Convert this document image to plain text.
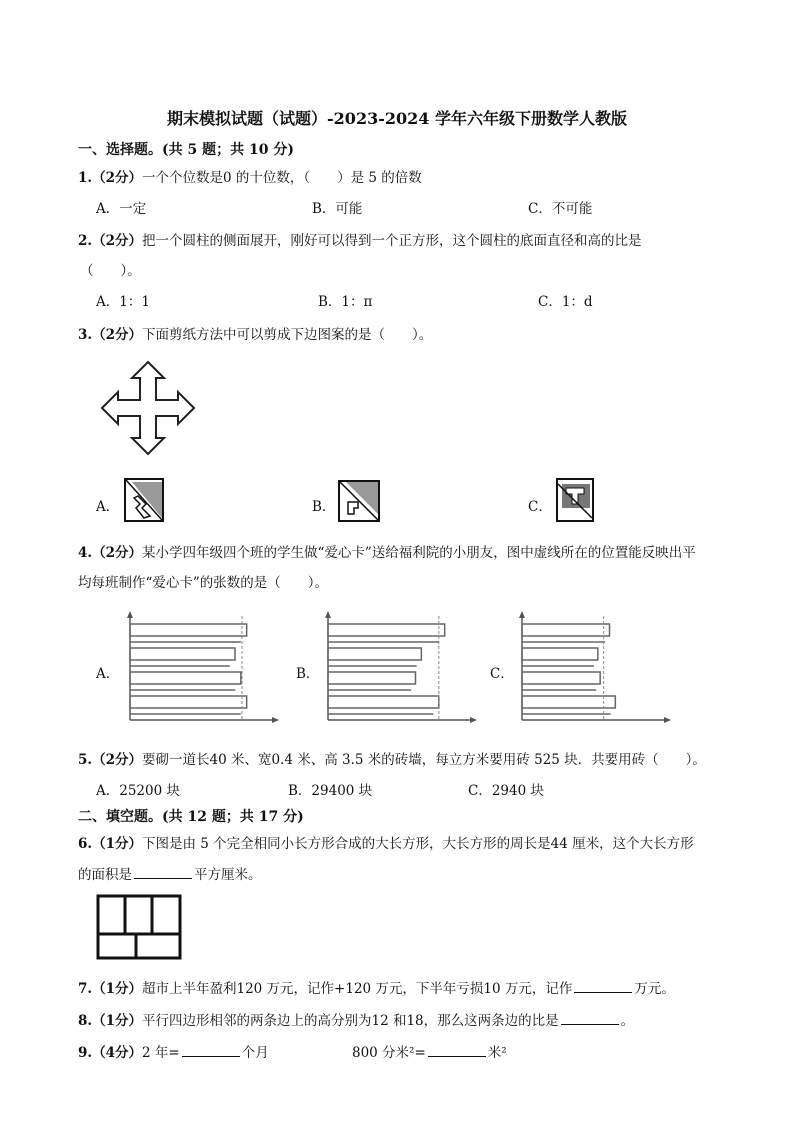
期末模拟试题（试题）-2023-2024 学年六年级下册数学人教版
一、选择题。(共 5 题；共 10 分)
1.（2分）一个个位数是0 的十位数，（　　）是 5 的倍数
A．一定	B．可能	C．不可能
2.（2分）把一个圆柱的侧面展开，刚好可以得到一个正方形，这个圆柱的底面直径和高的比是
（　　）。
A．1：1	B．1：π	C．1：d
3.（2分）下面剪纸方法中可以剪成下边图案的是（　　）。
A．	B．	C．
4.（2分）某小学四年级四个班的学生做“爱心卡”送给福利院的小朋友，图中虚线所在的位置能反映出平
均每班制作“爱心卡”的张数的是（　　）。
A．	B．	C．
5.（2分）要砌一道长40 米、宽0.4 米、高 3.5 米的砖墙，每立方米要用砖 525 块．共要用砖（　　）。
A．25200 块	B．29400 块	C．2940 块
二、填空题。(共 12 题；共 17 分)
6.（1分）下图是由 5 个完全相同小长方形合成的大长方形，大长方形的周长是44 厘米，这个大长方形
的面积是	平方厘米。
7.（1分）超市上半年盈利120 万元，记作+120 万元，下半年亏损10 万元，记作	万元。
8.（1分）平行四边形相邻的两条边上的高分别为12 和18，那么这两条边的比是	。
9.（4分）2 年=	个月	800 分米²=	米²
